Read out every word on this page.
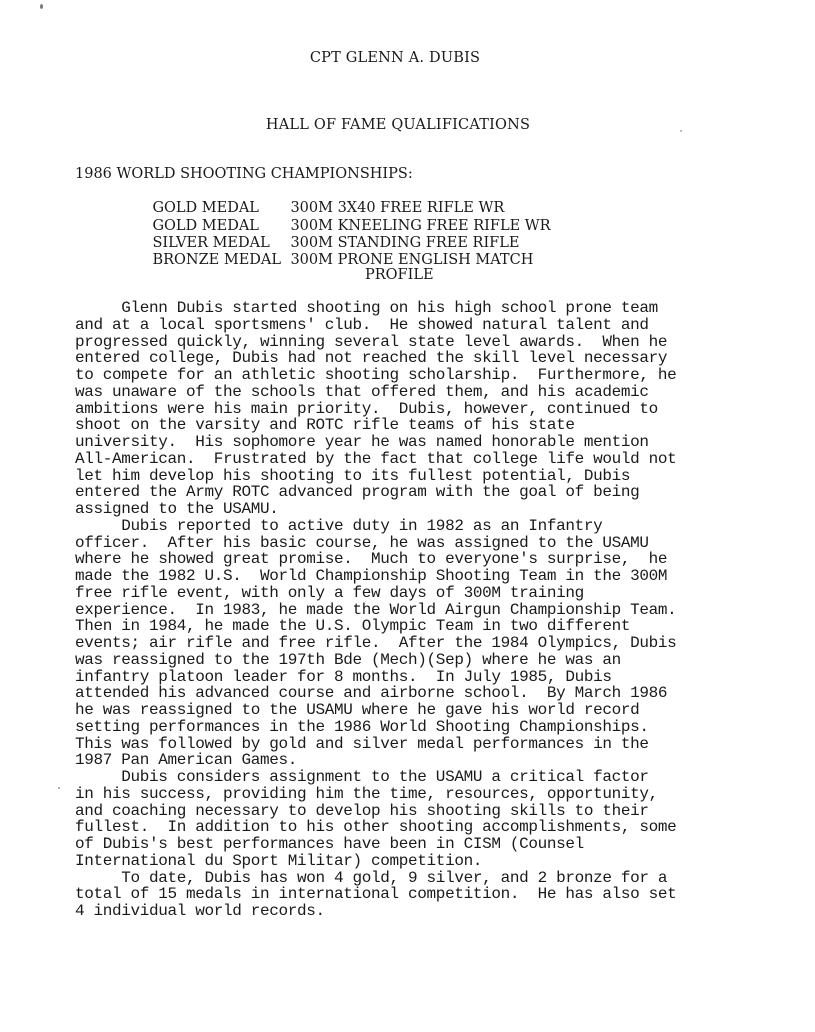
CPT GLENN A. DUBIS
HALL OF FAME QUALIFICATIONS
1986 WORLD SHOOTING CHAMPIONSHIPS:

GOLD MEDAL 300M 3X40 FREE RIFLE WR

GOLD MEDAL 300M KNEELING FREE RIFLE WR

SILVER MEDAL 300M STANDING FREE RIFLE

BRONZE MEDAL 300M PRONE ENGLISH MATCH

PROFILE
Glenn Dubis started shooting on his high school prone team
and at a local sportsmens' club.  He showed natural talent and
progressed quickly, winning several state level awards.  When he
entered college, Dubis had not reached the skill level necessary
to compete for an athletic shooting scholarship.  Furthermore, he
was unaware of the schools that offered them, and his academic
ambitions were his main priority.  Dubis, however, continued to
shoot on the varsity and ROTC rifle teams of his state
university.  His sophomore year he was named honorable mention
All-American.  Frustrated by the fact that college life would not
let him develop his shooting to its fullest potential, Dubis
entered the Army ROTC advanced program with the goal of being
assigned to the USAMU.
Dubis reported to active duty in 1982 as an Infantry
officer.  After his basic course, he was assigned to the USAMU
where he showed great promise.  Much to everyone's surprise,  he
made the 1982 U.S.  World Championship Shooting Team in the 300M
free rifle event, with only a few days of 300M training
experience.  In 1983, he made the World Airgun Championship Team.
Then in 1984, he made the U.S. Olympic Team in two different
events; air rifle and free rifle.  After the 1984 Olympics, Dubis
was reassigned to the 197th Bde (Mech)(Sep) where he was an
infantry platoon leader for 8 months.  In July 1985, Dubis
attended his advanced course and airborne school.  By March 1986
he was reassigned to the USAMU where he gave his world record
setting performances in the 1986 World Shooting Championships.
This was followed by gold and silver medal performances in the
1987 Pan American Games.
Dubis considers assignment to the USAMU a critical factor
in his success, providing him the time, resources, opportunity,
and coaching necessary to develop his shooting skills to their
fullest.  In addition to his other shooting accomplishments, some
of Dubis's best performances have been in CISM (Counsel
International du Sport Militar) competition.
To date, Dubis has won 4 gold, 9 silver, and 2 bronze for a
total of 15 medals in international competition.  He has also set
4 individual world records.
